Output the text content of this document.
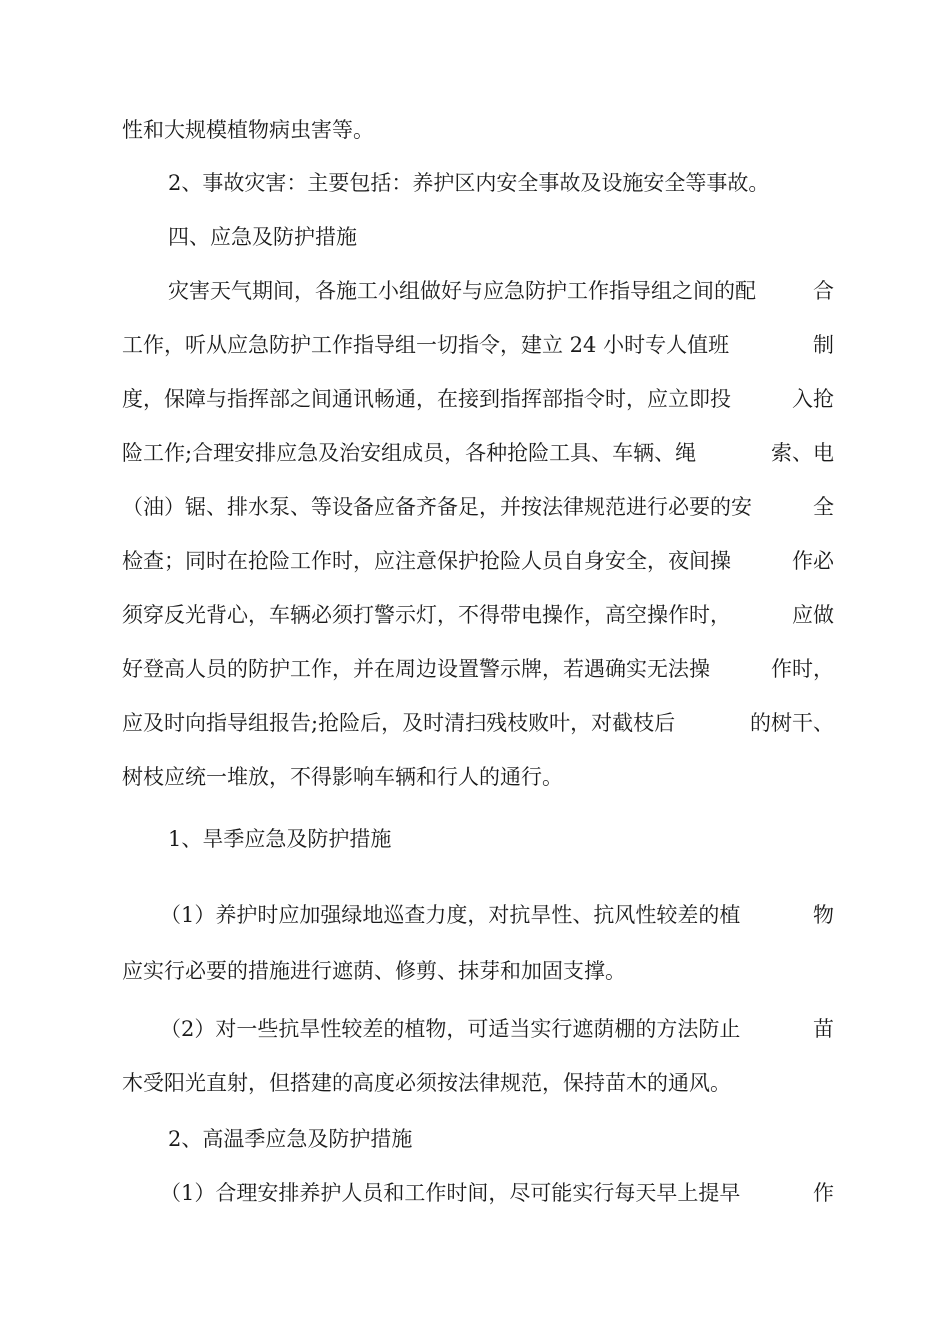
性和大规模植物病虫害等。
2、事故灾害：主要包括：养护区内安全事故及设施安全等事故。
四、应急及防护措施
灾害天气期间，各施工小组做好与应急防护工作指导组之间的配	合
工作，听从应急防护工作指导组一切指令，建立 24 小时专人值班	制
度，保障与指挥部之间通讯畅通，在接到指挥部指令时，应立即投	入抢
险工作;合理安排应急及治安组成员，各种抢险工具、车辆、绳	索、电
（油）锯、排水泵、等设备应备齐备足，并按法律规范进行必要的安	全
检查；同时在抢险工作时，应注意保护抢险人员自身安全，夜间操	作必
须穿反光背心，车辆必须打警示灯，不得带电操作，高空操作时，	应做
好登高人员的防护工作，并在周边设置警示牌，若遇确实无法操	作时，
应及时向指导组报告;抢险后，及时清扫残枝败叶，对截枝后	的树干、
树枝应统一堆放，不得影响车辆和行人的通行。
1、旱季应急及防护措施
（1）养护时应加强绿地巡查力度，对抗旱性、抗风性较差的植	物
应实行必要的措施进行遮荫、修剪、抹芽和加固支撑。
（2）对一些抗旱性较差的植物，可适当实行遮荫棚的方法防止	苗
木受阳光直射，但搭建的高度必须按法律规范，保持苗木的通风。
2、高温季应急及防护措施
（1）合理安排养护人员和工作时间，尽可能实行每天早上提早	作
